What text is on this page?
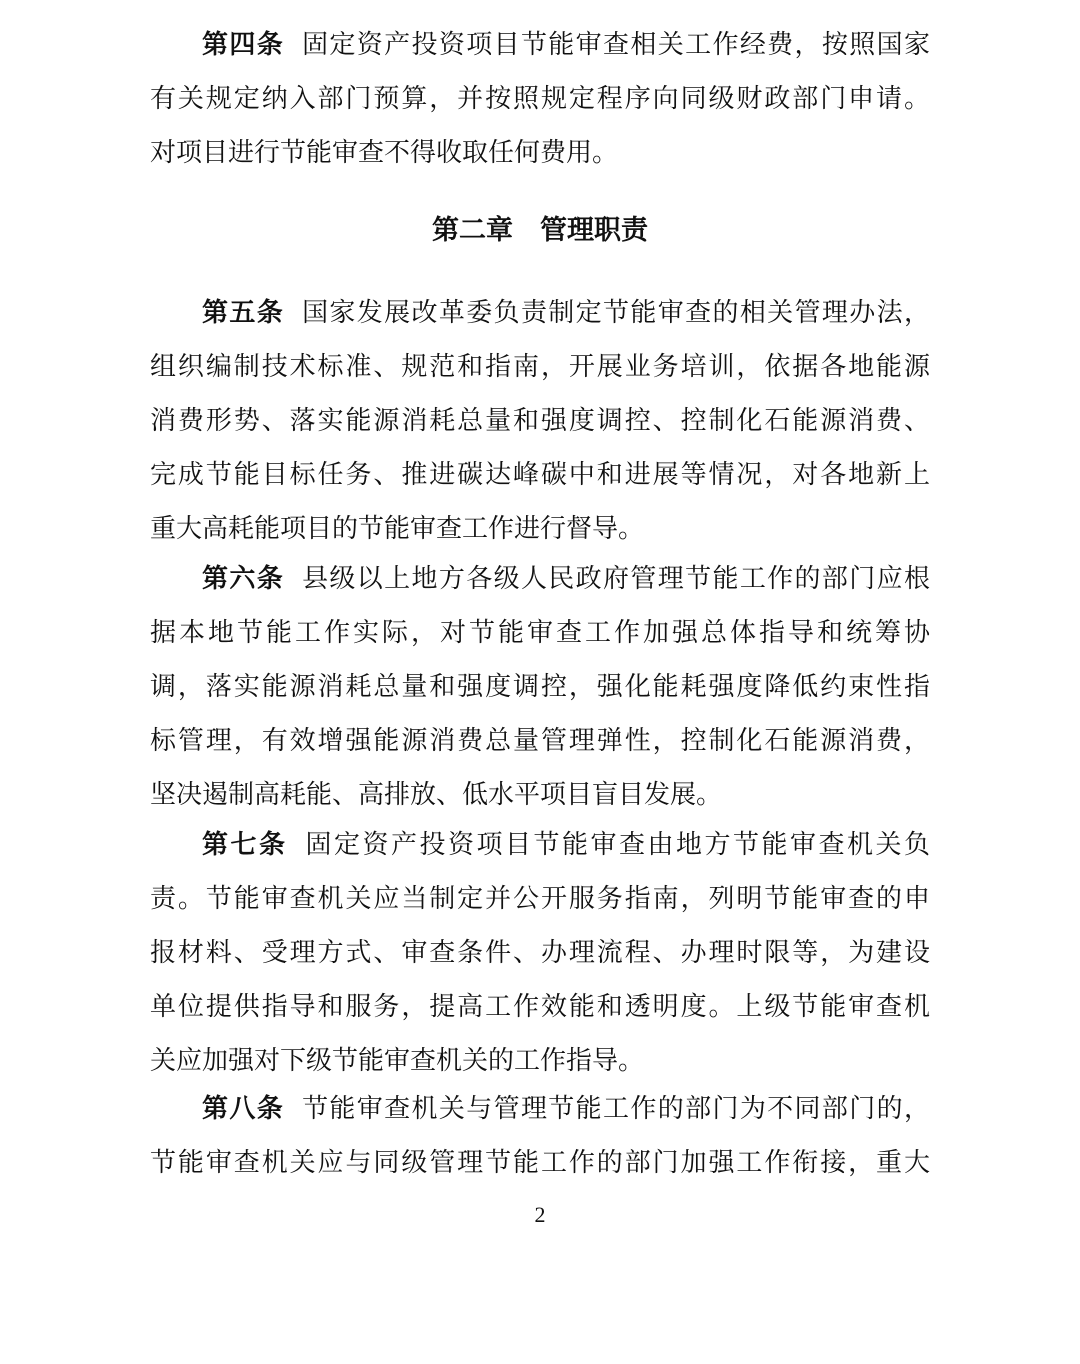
第四条 固定资产投资项目节能审查相关工作经费，按照国家
有关规定纳入部门预算，并按照规定程序向同级财政部门申请。
对项目进行节能审查不得收取任何费用。
第二章　管理职责
第五条 国家发展改革委负责制定节能审查的相关管理办法，
组织编制技术标准、规范和指南，开展业务培训，依据各地能源
消费形势、落实能源消耗总量和强度调控、控制化石能源消费、
完成节能目标任务、推进碳达峰碳中和进展等情况，对各地新上
重大高耗能项目的节能审查工作进行督导。
第六条 县级以上地方各级人民政府管理节能工作的部门应根
据本地节能工作实际，对节能审查工作加强总体指导和统筹协
调，落实能源消耗总量和强度调控，强化能耗强度降低约束性指
标管理，有效增强能源消费总量管理弹性，控制化石能源消费，
坚决遏制高耗能、高排放、低水平项目盲目发展。
第七条 固定资产投资项目节能审查由地方节能审查机关负
责。节能审查机关应当制定并公开服务指南，列明节能审查的申
报材料、受理方式、审查条件、办理流程、办理时限等，为建设
单位提供指导和服务，提高工作效能和透明度。上级节能审查机
关应加强对下级节能审查机关的工作指导。
第八条 节能审查机关与管理节能工作的部门为不同部门的，
节能审查机关应与同级管理节能工作的部门加强工作衔接，重大
2
